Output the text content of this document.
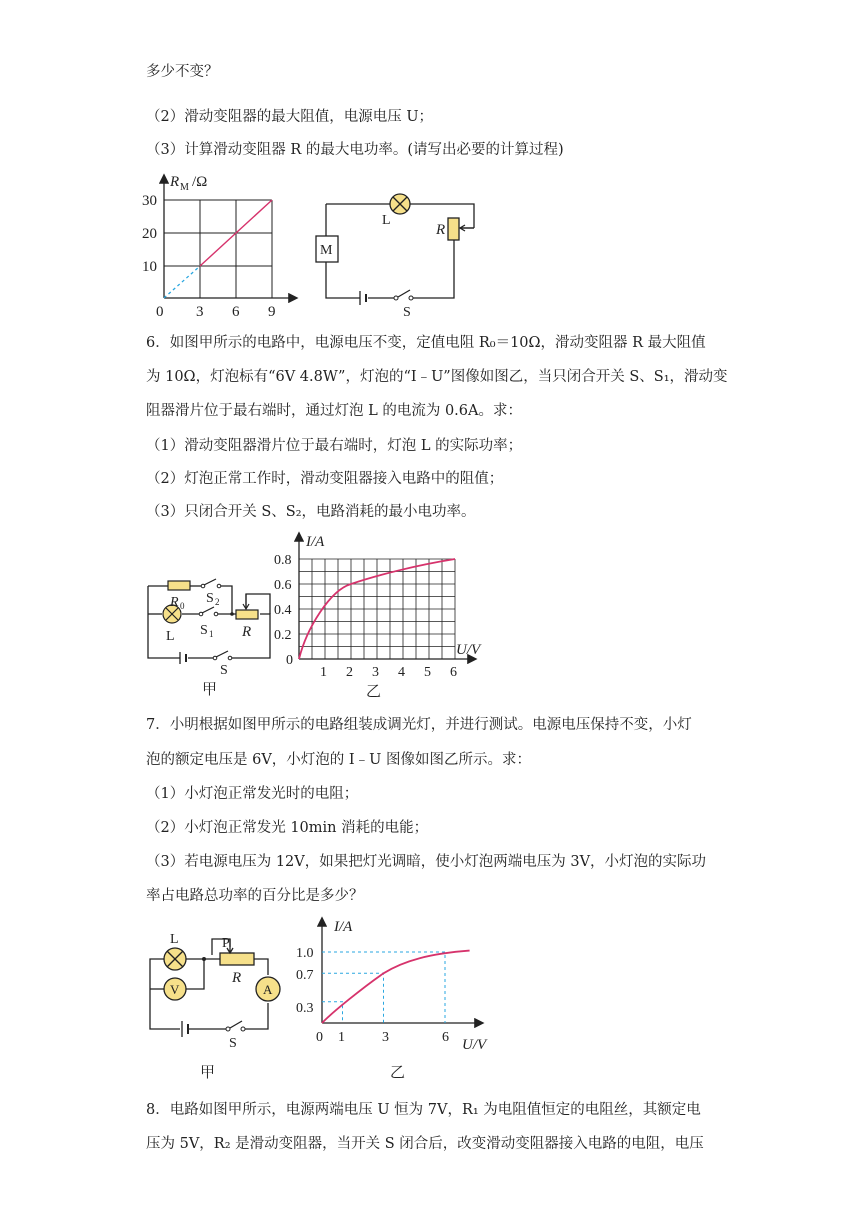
多少不变？
（2）滑动变阻器的最大阻值，电源电压 U；
（3）计算滑动变阻器 R 的最大电功率。(请写出必要的计算过程)
R M /Ω
30
20
10
0 3 6 9
L
R
M
S
6．如图甲所示的电路中，电源电压不变，定值电阻 R₀＝10Ω，滑动变阻器 R 最大阻值
为 10Ω，灯泡标有“6V 4.8W”，灯泡的“I﹣U”图像如图乙，当只闭合开关 S、S₁，滑动变
阻器滑片位于最右端时，通过灯泡 L 的电流为 0.6A。求：
（1）滑动变阻器滑片位于最右端时，灯泡 L 的实际功率；
（2）灯泡正常工作时，滑动变阻器接入电路中的阻值；
（3）只闭合开关 S、S₂，电路消耗的最小电功率。
R 0 S 2
L S 1 R
S
甲
I/A
U/V
0.8
0.6
0.4
0.2
0
1 2 3 4 5 6
乙
7．小明根据如图甲所示的电路组装成调光灯，并进行测试。电源电压保持不变，小灯
泡的额定电压是 6V，小灯泡的 I﹣U 图像如图乙所示。求：
（1）小灯泡正常发光时的电阻；
（2）小灯泡正常发光 10min 消耗的电能；
（3）若电源电压为 12V，如果把灯光调暗，使小灯泡两端电压为 3V，小灯泡的实际功
率占电路总功率的百分比是多少？
L	P
R
V	A
S
甲
I/A
U/V
1.0
0.7
0.3
0 1	3	6
乙
8．电路如图甲所示，电源两端电压 U 恒为 7V，R₁ 为电阻值恒定的电阻丝，其额定电
压为 5V，R₂ 是滑动变阻器，当开关 S 闭合后，改变滑动变阻器接入电路的电阻，电压
